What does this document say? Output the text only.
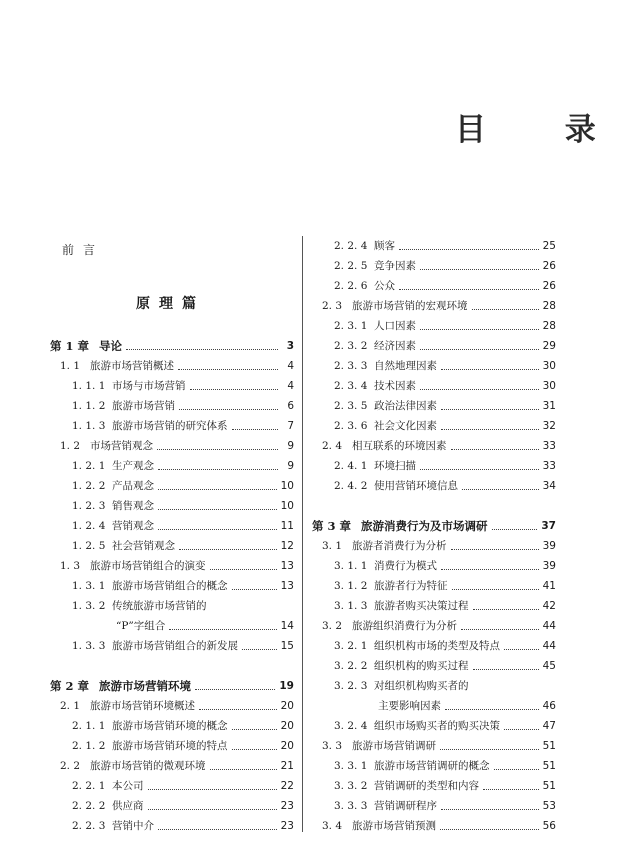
目 录
前言
原理篇
第 1 章 导论	3
1. 1 旅游市场营销概述	4
1. 1. 1 市场与市场营销	4
1. 1. 2 旅游市场营销	6
1. 1. 3 旅游市场营销的研究体系	7
1. 2 市场营销观念	9
1. 2. 1 生产观念	9
1. 2. 2 产品观念	10
1. 2. 3 销售观念	10
1. 2. 4 营销观念	11
1. 2. 5 社会营销观念	12
1. 3 旅游市场营销组合的演变	13
1. 3. 1 旅游市场营销组合的概念	13
1. 3. 2 传统旅游市场营销的
“P”字组合	14
1. 3. 3 旅游市场营销组合的新发展	15
第 2 章 旅游市场营销环境	19
2. 1 旅游市场营销环境概述	20
2. 1. 1 旅游市场营销环境的概念	20
2. 1. 2 旅游市场营销环境的特点	20
2. 2 旅游市场营销的微观环境	21
2. 2. 1 本公司	22
2. 2. 2 供应商	23
2. 2. 3 营销中介	23
2. 2. 4 顾客	25
2. 2. 5 竞争因素	26
2. 2. 6 公众	26
2. 3 旅游市场营销的宏观环境	28
2. 3. 1 人口因素	28
2. 3. 2 经济因素	29
2. 3. 3 自然地理因素	30
2. 3. 4 技术因素	30
2. 3. 5 政治法律因素	31
2. 3. 6 社会文化因素	32
2. 4 相互联系的环境因素	33
2. 4. 1 环境扫描	33
2. 4. 2 使用营销环境信息	34
第 3 章 旅游消费行为及市场调研	37
3. 1 旅游者消费行为分析	39
3. 1. 1 消费行为模式	39
3. 1. 2 旅游者行为特征	41
3. 1. 3 旅游者购买决策过程	42
3. 2 旅游组织消费行为分析	44
3. 2. 1 组织机构市场的类型及特点	44
3. 2. 2 组织机构的购买过程	45
3. 2. 3 对组织机构购买者的
主要影响因素	46
3. 2. 4 组织市场购买者的购买决策	47
3. 3 旅游市场营销调研	51
3. 3. 1 旅游市场营销调研的概念	51
3. 3. 2 营销调研的类型和内容	51
3. 3. 3 营销调研程序	53
3. 4 旅游市场营销预测	56
